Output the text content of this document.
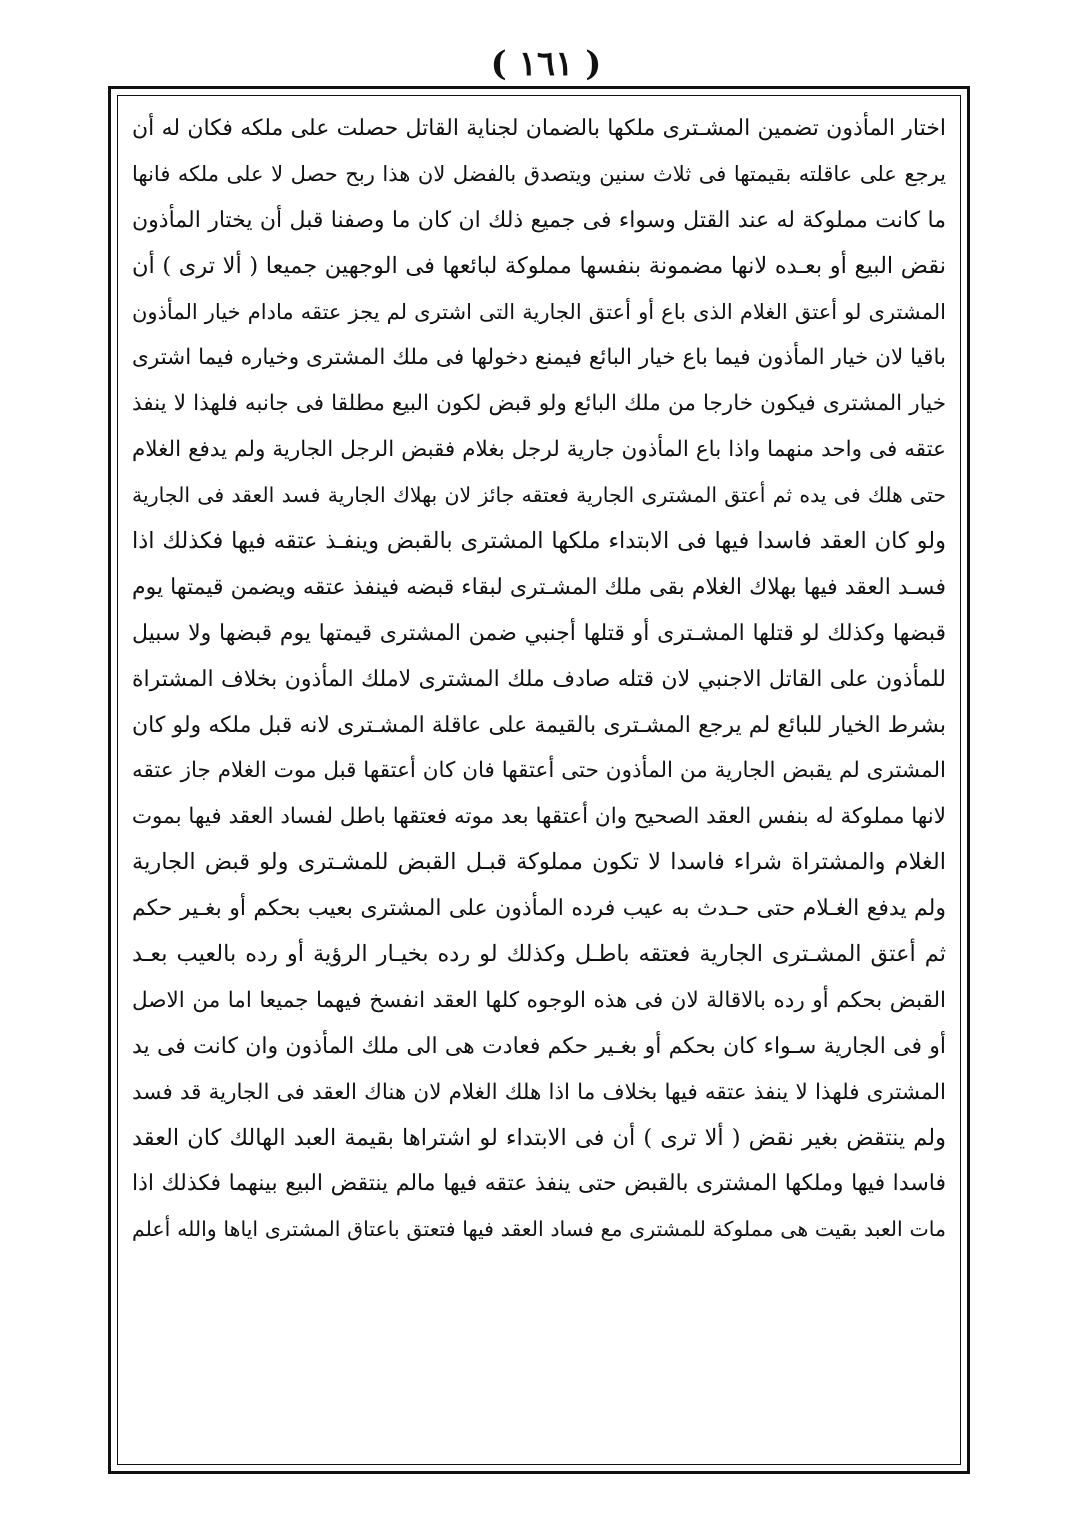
( ١٦١ )
اختار المأذون تضمين المشـترى ملكها بالضمان لجناية القاتل حصلت على ملكه فكان له أن
يرجع على عاقلته بقيمتها فى ثلاث سنين ويتصدق بالفضل لان هذا ربح حصل لا على ملكه فانها
ما كانت مملوكة له عند القتل وسواء فى جميع ذلك ان كان ما وصفنا قبل أن يختار المأذون
نقض البيع أو بعـده لانها مضمونة بنفسها مملوكة لبائعها فى الوجهين جميعا ( ألا ترى ) أن
المشترى لو أعتق الغلام الذى باع أو أعتق الجارية التى اشترى لم يجز عتقه مادام خيار المأذون
باقيا لان خيار المأذون فيما باع خيار البائع فيمنع دخولها فى ملك المشترى وخياره فيما اشترى
خيار المشترى فيكون خارجا من ملك البائع ولو قبض لكون البيع مطلقا فى جانبه فلهذا لا ينفذ
عتقه فى واحد منهما واذا باع المأذون جارية لرجل بغلام فقبض الرجل الجارية ولم يدفع الغلام
حتى هلك فى يده ثم أعتق المشترى الجارية فعتقه جائز لان بهلاك الجارية فسد العقد فى الجارية
ولو كان العقد فاسدا فيها فى الابتداء ملكها المشترى بالقبض وينفـذ عتقه فيها فكذلك اذا
فسـد العقد فيها بهلاك الغلام بقى ملك المشـترى لبقاء قبضه فينفذ عتقه ويضمن قيمتها يوم
قبضها وكذلك لو قتلها المشـترى أو قتلها أجنبي ضمن المشترى قيمتها يوم قبضها ولا سبيل
للمأذون على القاتل الاجنبي لان قتله صادف ملك المشترى لاملك المأذون بخلاف المشتراة
بشرط الخيار للبائع لم يرجع المشـترى بالقيمة على عاقلة المشـترى لانه قبل ملكه ولو كان
المشترى لم يقبض الجارية من المأذون حتى أعتقها فان كان أعتقها قبل موت الغلام جاز عتقه
لانها مملوكة له بنفس العقد الصحيح وان أعتقها بعد موته فعتقها باطل لفساد العقد فيها بموت
الغلام والمشتراة شراء فاسدا لا تكون مملوكة قبـل القبض للمشـترى ولو قبض الجارية
ولم يدفع الغـلام حتى حـدث به عيب فرده المأذون على المشترى بعيب بحكم أو بغـير حكم
ثم أعتق المشـترى الجارية فعتقه باطـل وكذلك لو رده بخيـار الرؤية أو رده بالعيب بعـد
القبض بحكم أو رده بالاقالة لان فى هذه الوجوه كلها العقد انفسخ فيهما جميعا اما من الاصل
أو فى الجارية سـواء كان بحكم أو بغـير حكم فعادت هى الى ملك المأذون وان كانت فى يد
المشترى فلهذا لا ينفذ عتقه فيها بخلاف ما اذا هلك الغلام لان هناك العقد فى الجارية قد فسد
ولم ينتقض بغير نقض ( ألا ترى ) أن فى الابتداء لو اشتراها بقيمة العبد الهالك كان العقد
فاسدا فيها وملكها المشترى بالقبض حتى ينفذ عتقه فيها مالم ينتقض البيع بينهما فكذلك اذا
مات العبد بقيت هى مملوكة للمشترى مع فساد العقد فيها فتعتق باعتاق المشترى اياها والله أعلم
